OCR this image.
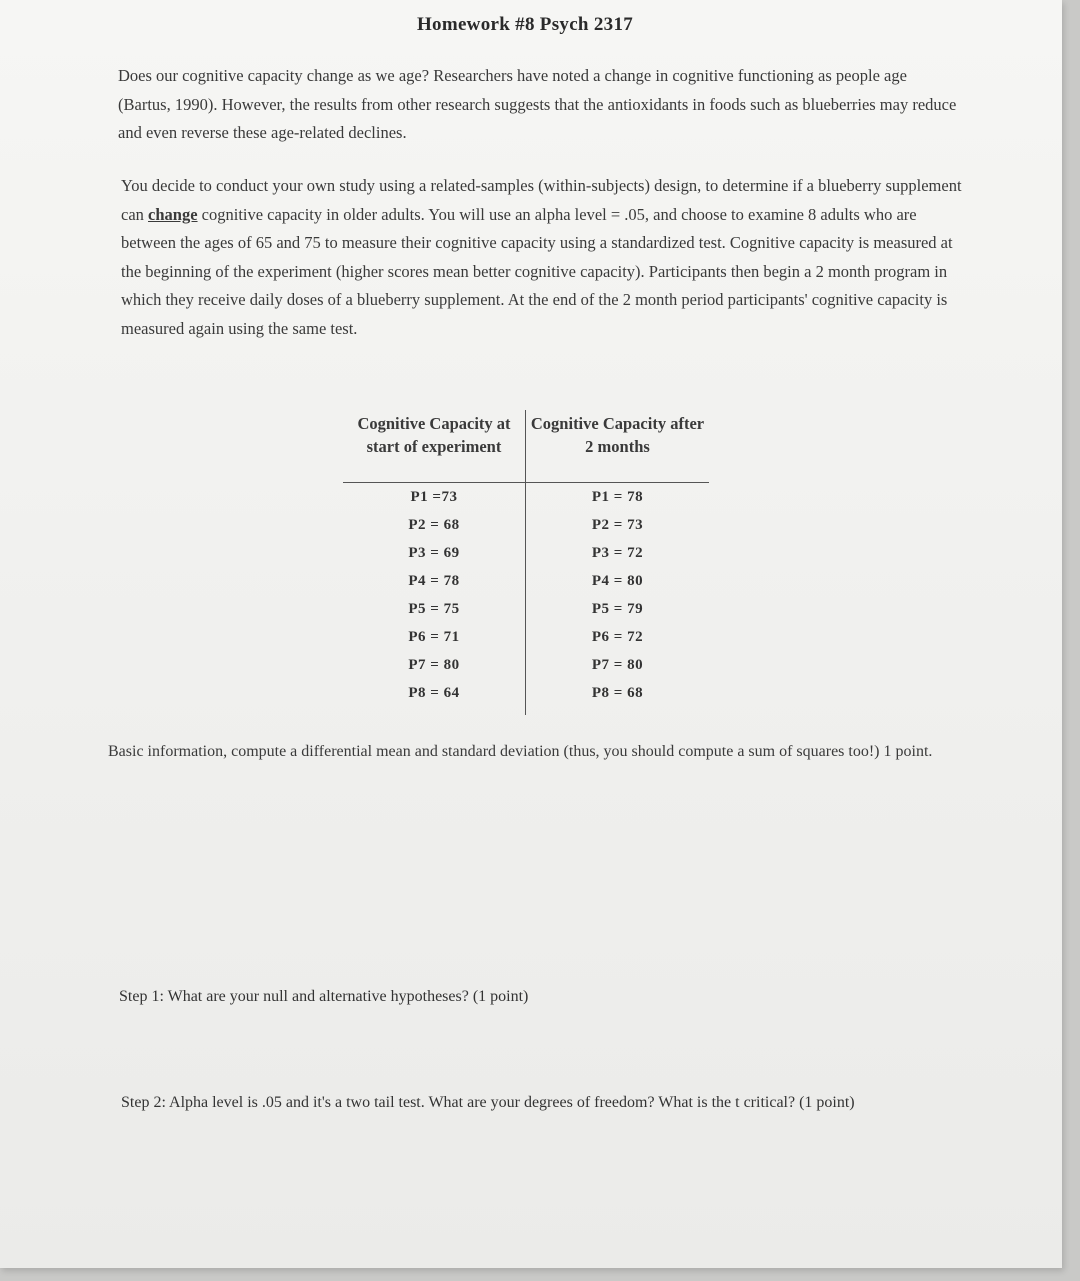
Homework #8 Psych 2317
Does our cognitive capacity change as we age? Researchers have noted a change in cognitive functioning as people age (Bartus, 1990). However, the results from other research suggests that the antioxidants in foods such as blueberries may reduce and even reverse these age-related declines.
You decide to conduct your own study using a related-samples (within-subjects) design, to determine if a blueberry supplement can change cognitive capacity in older adults. You will use an alpha level = .05, and choose to examine 8 adults who are between the ages of 65 and 75 to measure their cognitive capacity using a standardized test. Cognitive capacity is measured at the beginning of the experiment (higher scores mean better cognitive capacity). Participants then begin a 2 month program in which they receive daily doses of a blueberry supplement. At the end of the 2 month period participants' cognitive capacity is measured again using the same test.
Cognitive Capacity at start of experiment
Cognitive Capacity after 2 months
P1 =73
P2 = 68
P3 = 69
P4 = 78
P5 = 75
P6 = 71
P7 = 80
P8 = 64
P1 = 78
P2 = 73
P3 = 72
P4 = 80
P5 = 79
P6 = 72
P7 = 80
P8 = 68
Basic information, compute a differential mean and standard deviation (thus, you should compute a sum of squares too!) 1 point.
Step 1: What are your null and alternative hypotheses? (1 point)
Step 2: Alpha level is .05 and it's a two tail test. What are your degrees of freedom? What is the t critical? (1 point)
